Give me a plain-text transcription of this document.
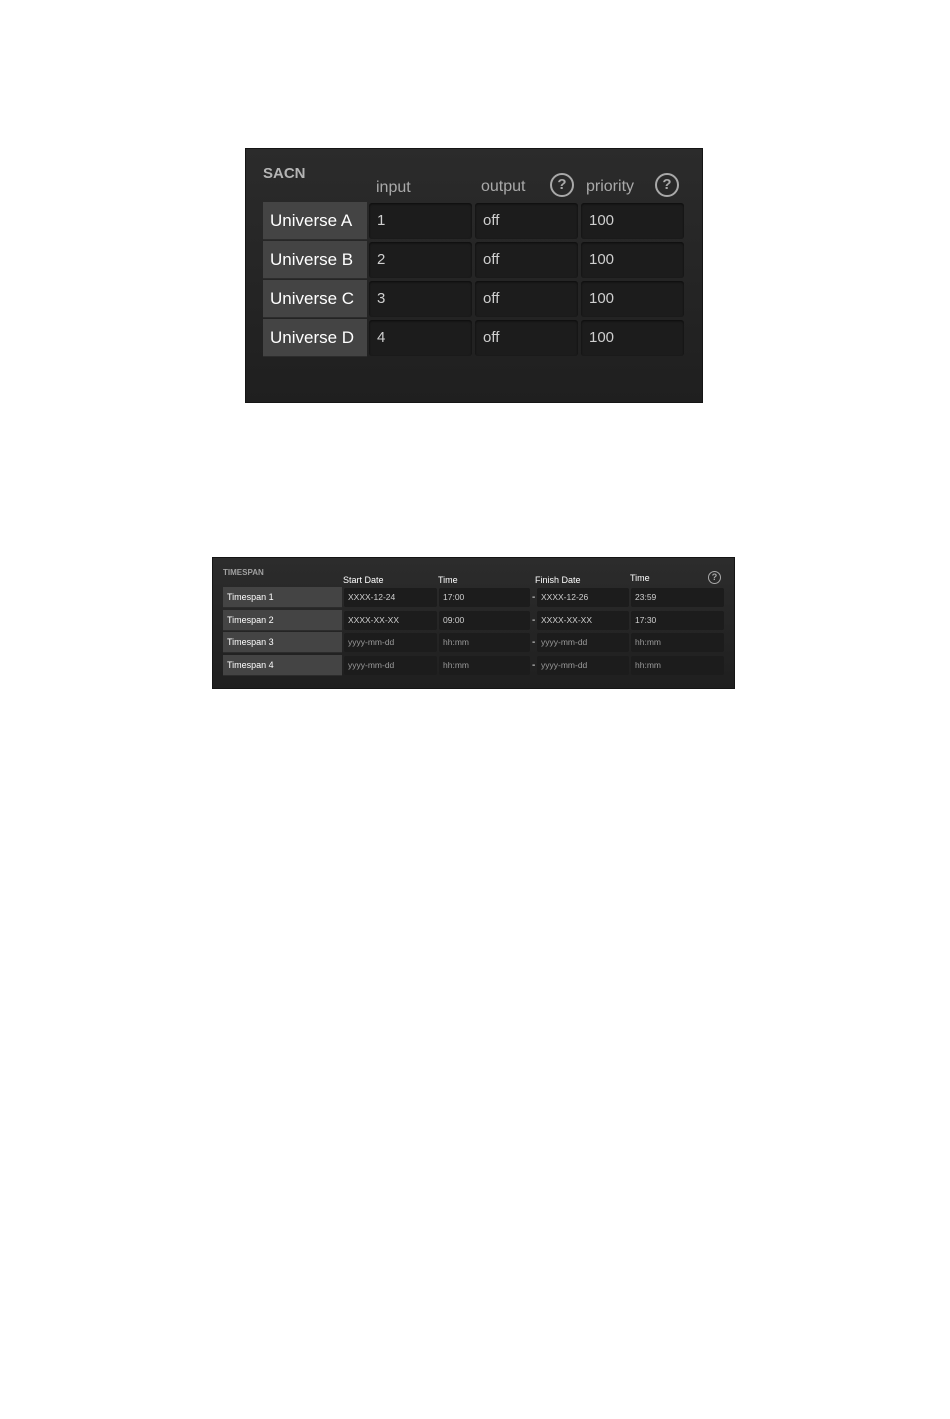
SACN
input	output	?	priority	?
Universe A	1	off	100
Universe B	2	off	100
Universe C	3	off	100
Universe D	4	off	100
TIMESPAN
Start Date	Time	Finish Date	Time	?
Timespan 1	XXXX-12-24	17:00	- XXXX-12-26	23:59
Timespan 2	XXXX-XX-XX	09:00	- XXXX-XX-XX	17:30
Timespan 3	yyyy-mm-dd	hh:mm	- yyyy-mm-dd	hh:mm
Timespan 4	yyyy-mm-dd	hh:mm	- yyyy-mm-dd	hh:mm
